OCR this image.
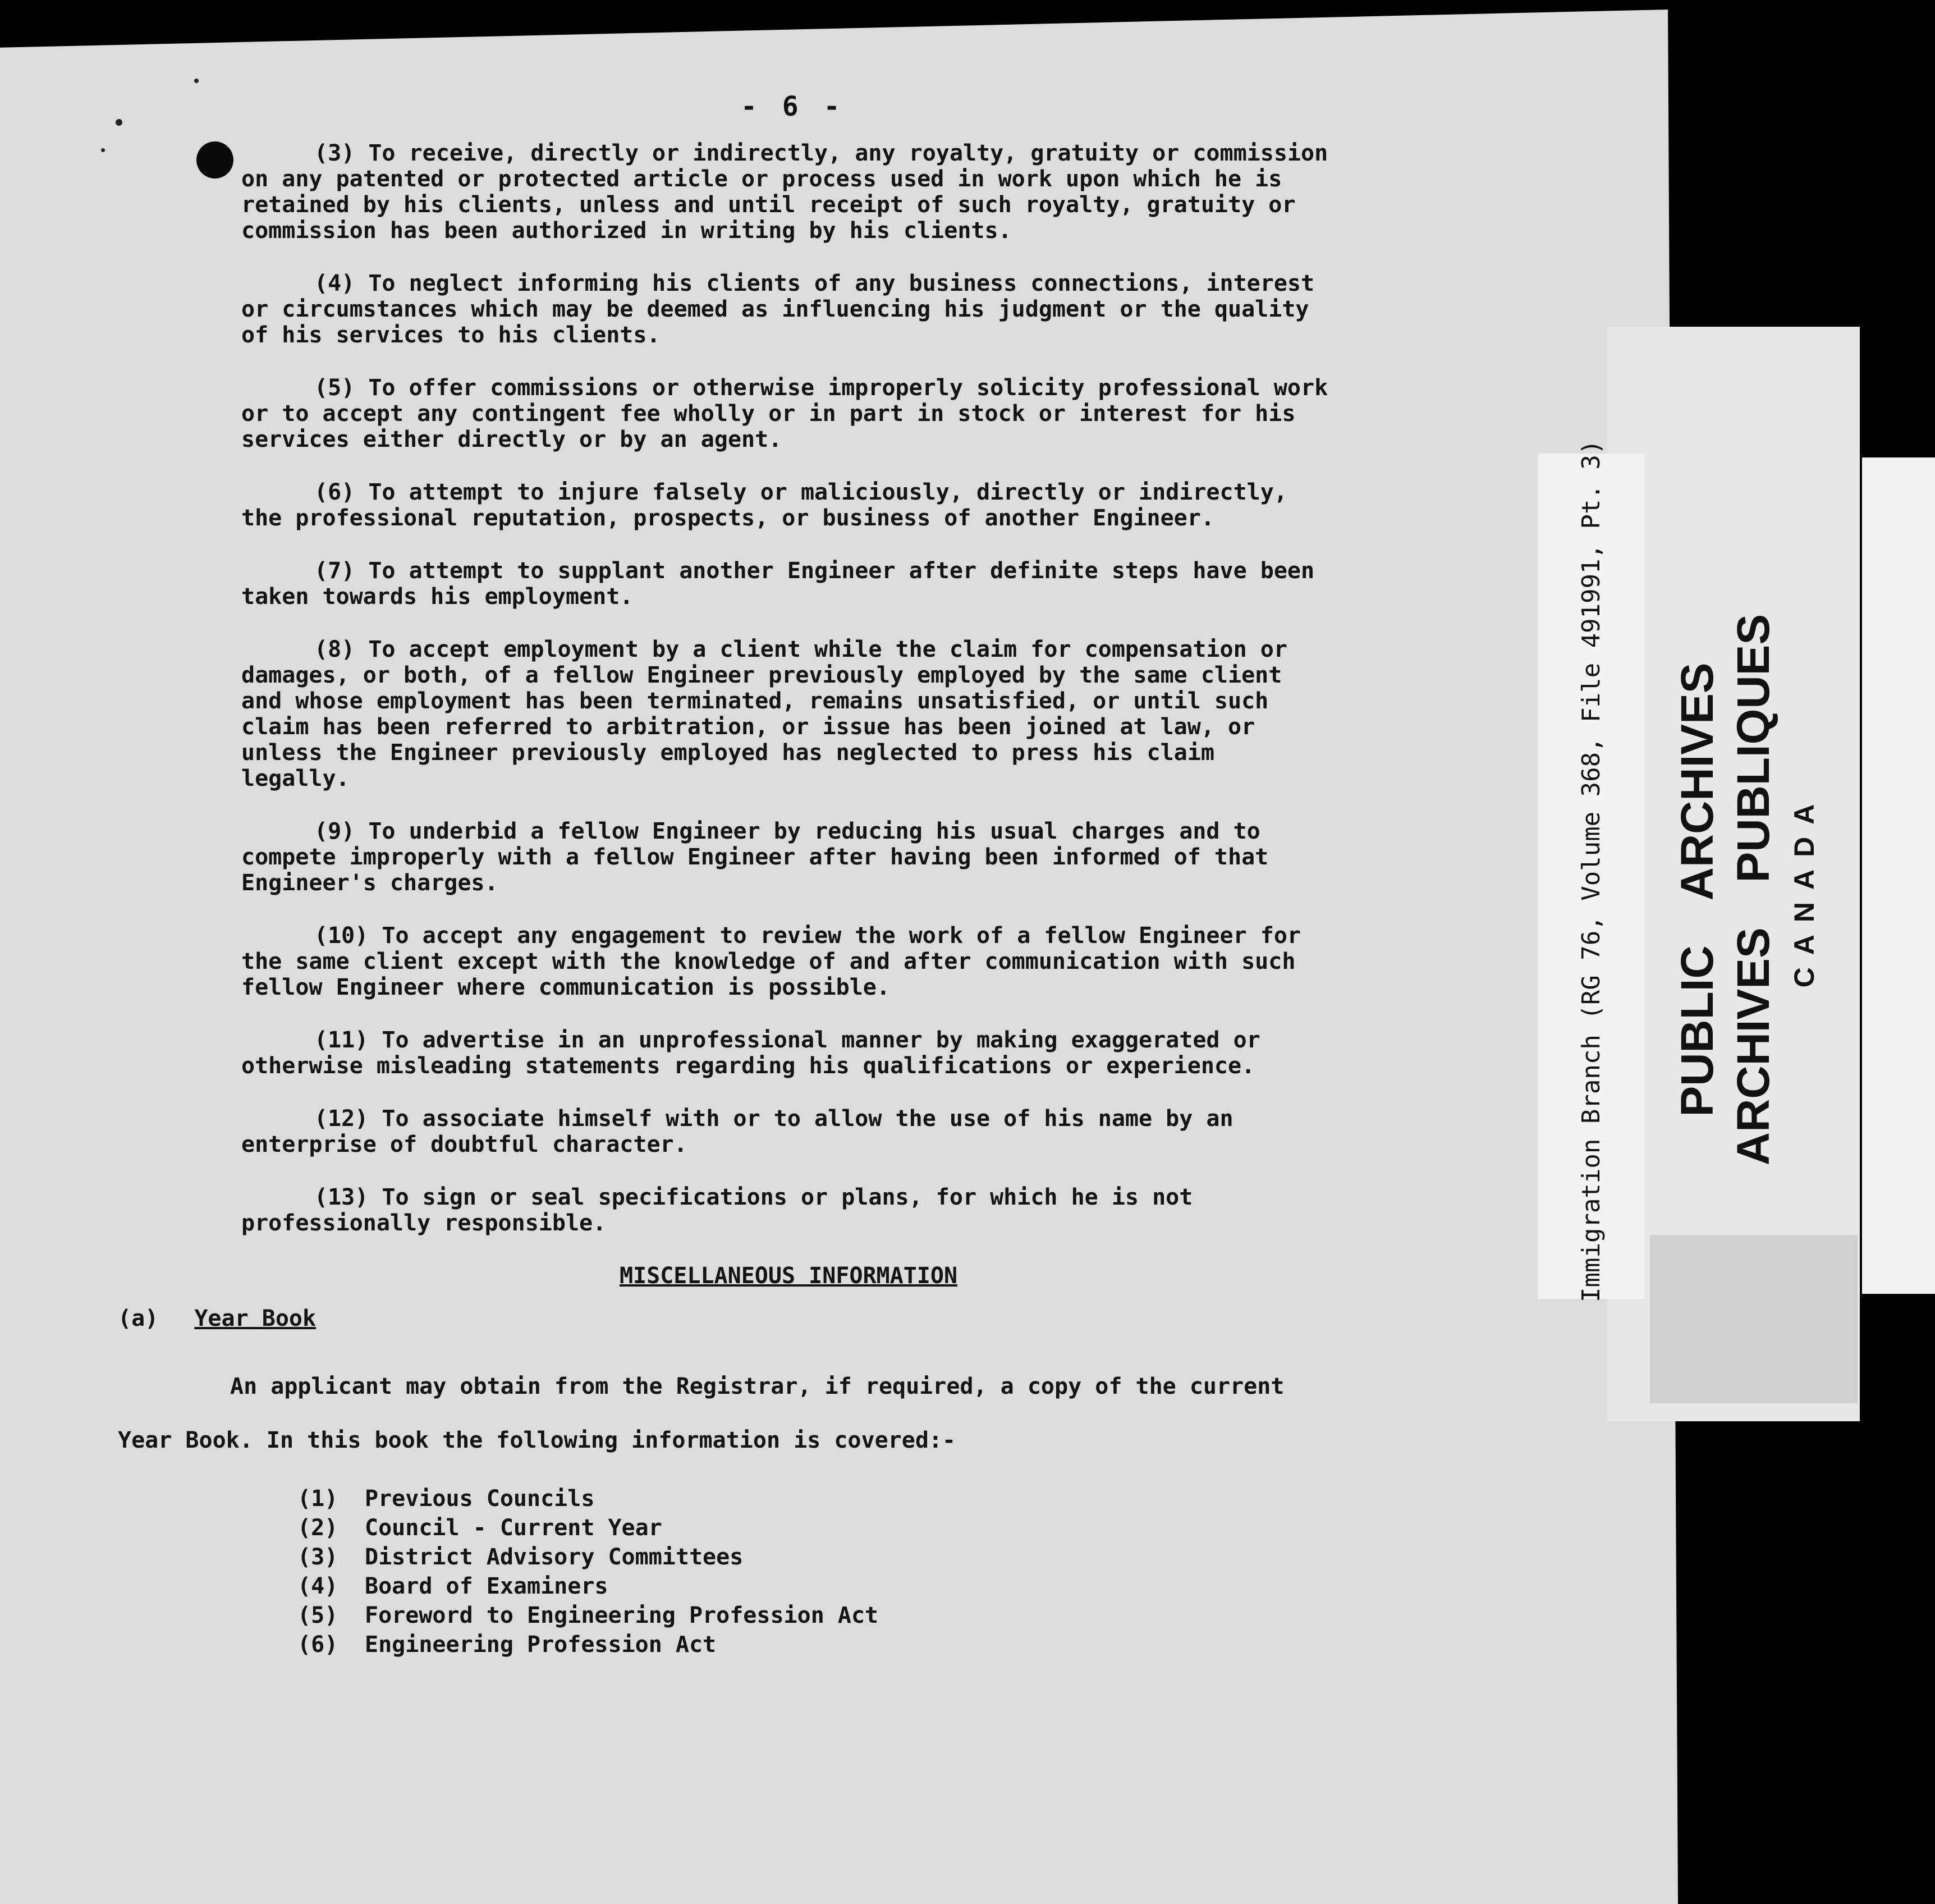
- 6 -

(3) To receive, directly or indirectly, any royalty, gratuity or commission on any patented or protected article or process used in work upon which he is retained by his clients, unless and until receipt of such royalty, gratuity or commission has been authorized in writing by his clients.

(4) To neglect informing his clients of any business connections, interest or circumstances which may be deemed as influencing his judgment or the quality of his services to his clients.

(5) To offer commissions or otherwise improperly solicity professional work or to accept any contingent fee wholly or in part in stock or interest for his services either directly or by an agent.

(6) To attempt to injure falsely or maliciously, directly or indirectly, the professional reputation, prospects, or business of another Engineer.

(7) To attempt to supplant another Engineer after definite steps have been taken towards his employment.

(8) To accept employment by a client while the claim for compensation or damages, or both, of a fellow Engineer previously employed by the same client and whose employment has been terminated, remains unsatisfied, or until such claim has been referred to arbitration, or issue has been joined at law, or unless the Engineer previously employed has neglected to press his claim legally.

(9) To underbid a fellow Engineer by reducing his usual charges and to compete improperly with a fellow Engineer after having been informed of that Engineer's charges.

(10) To accept any engagement to review the work of a fellow Engineer for the same client except with the knowledge of and after communication with such fellow Engineer where communication is possible.

(11) To advertise in an unprofessional manner by making exaggerated or otherwise misleading statements regarding his qualifications or experience.

(12) To associate himself with or to allow the use of his name by an enterprise of doubtful character.

(13) To sign or seal specifications or plans, for which he is not professionally responsible.

MISCELLANEOUS INFORMATION
(a) Year Book

An applicant may obtain from the Registrar, if required, a copy of the current Year Book. In this book the following information is covered:-

(1) Previous Councils
(2) Council - Current Year
(3) District Advisory Committees
(4) Board of Examiners
(5) Foreword to Engineering Profession Act
(6) Engineering Profession Act
Immigration Branch (RG 76, Volume 368, File 491991, Pt. 3) PUBLICARCHIVES
ARCHIVESPUBLIQUES
CANADA
